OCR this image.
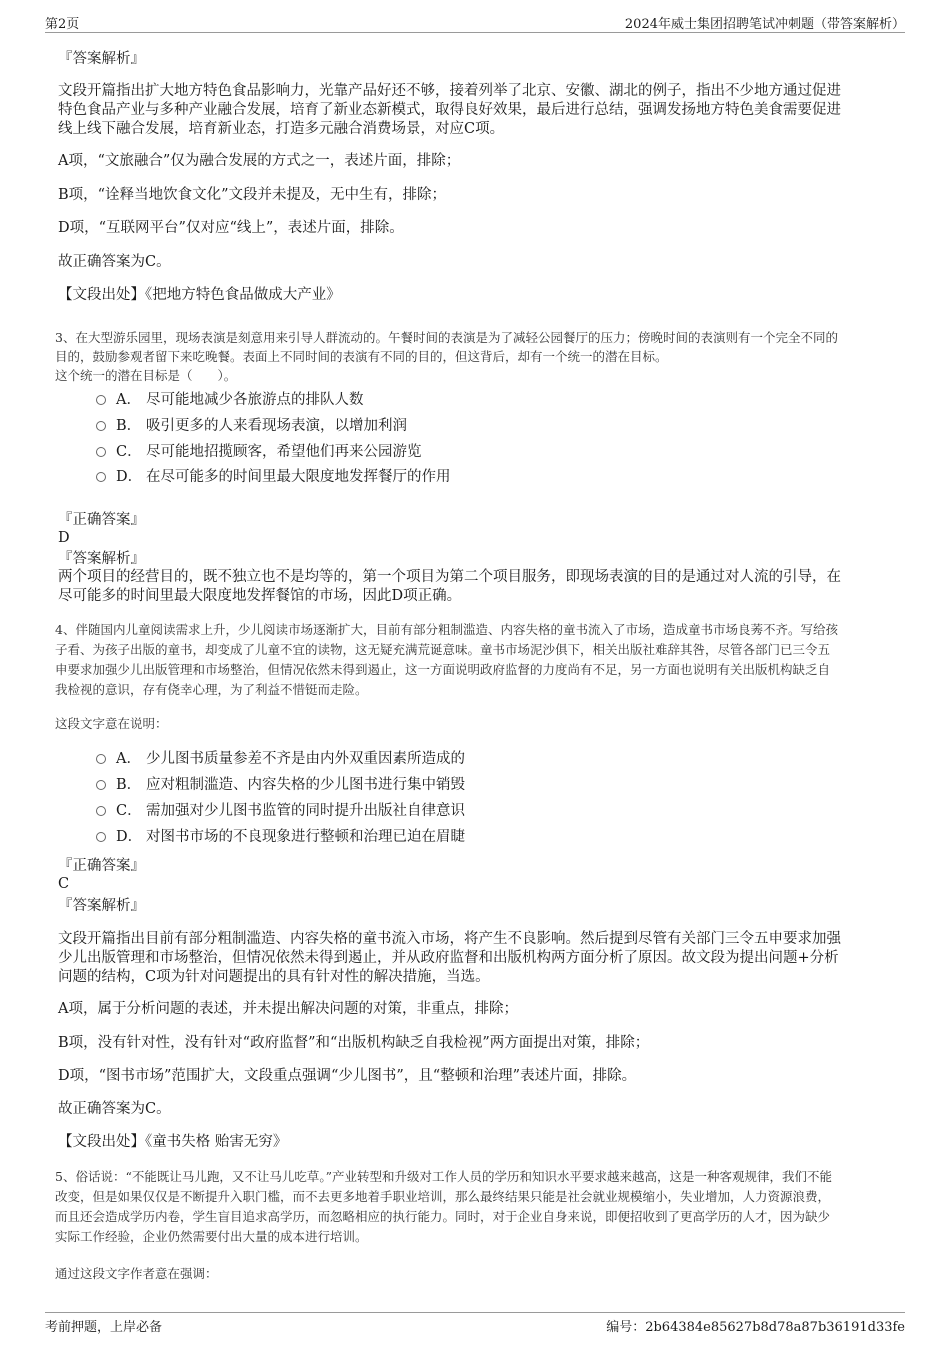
第2页	2024年威士集团招聘笔试冲刺题（带答案解析）
『答案解析』
文段开篇指出扩大地方特色食品影响力，光靠产品好还不够，接着列举了北京、安徽、湖北的例子，指出不少地方通过促进
特色食品产业与多种产业融合发展，培育了新业态新模式，取得良好效果，最后进行总结，强调发扬地方特色美食需要促进
线上线下融合发展，培育新业态，打造多元融合消费场景，对应C项。
A项，“文旅融合”仅为融合发展的方式之一，表述片面，排除；
B项，“诠释当地饮食文化”文段并未提及，无中生有，排除；
D项，“互联网平台”仅对应“线上”，表述片面，排除。
故正确答案为C。
【文段出处】《把地方特色食品做成大产业》
3、在大型游乐园里，现场表演是刻意用来引导人群流动的。午餐时间的表演是为了减轻公园餐厅的压力；傍晚时间的表演则有一个完全不同的
目的，鼓励参观者留下来吃晚餐。表面上不同时间的表演有不同的目的，但这背后，却有一个统一的潜在目标。
这个统一的潜在目标是（　　）。
A． 尽可能地减少各旅游点的排队人数
B． 吸引更多的人来看现场表演，以增加利润
C． 尽可能地招揽顾客，希望他们再来公园游览
D． 在尽可能多的时间里最大限度地发挥餐厅的作用
『正确答案』
D
『答案解析』
两个项目的经营目的，既不独立也不是均等的，第一个项目为第二个项目服务，即现场表演的目的是通过对人流的引导，在
尽可能多的时间里最大限度地发挥餐馆的市场，因此D项正确。
4、伴随国内儿童阅读需求上升，少儿阅读市场逐渐扩大，目前有部分粗制滥造、内容失格的童书流入了市场，造成童书市场良莠不齐。写给孩
子看、为孩子出版的童书，却变成了儿童不宜的读物，这无疑充满荒诞意味。童书市场泥沙俱下，相关出版社难辞其咎，尽管各部门已三令五
申要求加强少儿出版管理和市场整治，但情况依然未得到遏止，这一方面说明政府监督的力度尚有不足，另一方面也说明有关出版机构缺乏自
我检视的意识，存有侥幸心理，为了利益不惜铤而走险。
这段文字意在说明：
A． 少儿图书质量参差不齐是由内外双重因素所造成的
B． 应对粗制滥造、内容失格的少儿图书进行集中销毁
C． 需加强对少儿图书监管的同时提升出版社自律意识
D． 对图书市场的不良现象进行整顿和治理已迫在眉睫
『正确答案』
C
『答案解析』
文段开篇指出目前有部分粗制滥造、内容失格的童书流入市场，将产生不良影响。然后提到尽管有关部门三令五申要求加强
少儿出版管理和市场整治，但情况依然未得到遏止，并从政府监督和出版机构两方面分析了原因。故文段为提出问题+分析
问题的结构，C项为针对问题提出的具有针对性的解决措施，当选。
A项，属于分析问题的表述，并未提出解决问题的对策，非重点，排除；
B项，没有针对性，没有针对“政府监督”和“出版机构缺乏自我检视”两方面提出对策，排除；
D项，“图书市场”范围扩大，文段重点强调“少儿图书”，且“整顿和治理”表述片面，排除。
故正确答案为C。
【文段出处】《童书失格 贻害无穷》
5、俗话说：“不能既让马儿跑，又不让马儿吃草。”产业转型和升级对工作人员的学历和知识水平要求越来越高，这是一种客观规律，我们不能
改变，但是如果仅仅是不断提升入职门槛，而不去更多地着手职业培训，那么最终结果只能是社会就业规模缩小，失业增加，人力资源浪费，
而且还会造成学历内卷，学生盲目追求高学历，而忽略相应的执行能力。同时，对于企业自身来说，即便招收到了更高学历的人才，因为缺少
实际工作经验，企业仍然需要付出大量的成本进行培训。
通过这段文字作者意在强调：
考前押题，上岸必备	编号：2b64384e85627b8d78a87b36191d33fe
